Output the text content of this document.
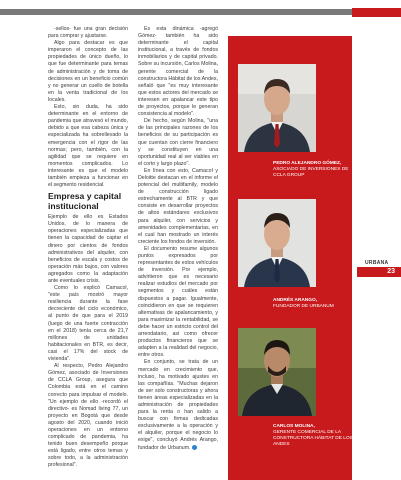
-sellos- fue una gran decisión para comprar y ajustarse.

Algo para destacar es que imperaron el concepto de las propiedades de único dueño, lo que fue determinante para temas de administración y de toma de decisiones en un beneficio común y no generar un cuello de botella en la venta tradicional de los locales.

Esto, sin duda, ha sido determinante en el entorno de pandemia que atravesó el mundo, debido a que esa cabeza única y especializada ha sobrellevado la emergencia con el rigor de las normas; pero, también, con la agilidad que se requiere en momentos complicados. Lo interesante es que el modelo también empieza a funcionar en el segmento residencial.

Empresa y capital institucional

Ejemplo de ello es Estados Unidos, de lo manera de operaciones especializadas que tienen la capacidad de captar el dinero por cientos de fondos administrativos del alquiler, con beneficios de escala y costos de operación más bajos, con valores agregados como la adaptación ante eventuales crisis.

Como lo explicó Camacol, "este país mostró mayor resiliencia durante la fase decreciente del ciclo económico, al punto de que para el 2019 (luego de una fuerte contracción en el 2018) tenía cerca de 21,7 millones de unidades habitacionales en BTR, es decir, casi el 17% del stock de vivienda".

Al respecto, Pedro Alejandro Gómez, asociado de Inversiones de CCLA Group, asegura que Colombia está en el camino correcto para impulsar el modelo. "Un ejemplo de ello -recordó el directivo- es Nomad living 77, un proyecto en Bogotá que desde agosto del 2020, cuando inició operaciones en un entorno complicado de pandemia, ha tenido buen desempeño porque está ligado, entre otros temas y sobre todo, a la administración profesional".

Es esta dinámica -agregó Gómez- también ha sido determinante el capital institucional, a través de fondos inmobiliarios y de capital privado. Sobre su incursión, Carlos Molina, gerente comercial de la constructora Hábitat de los Andes, señaló que "es muy interesante que estos actores del mercado se interesen en apalancar este tipo de proyectos, porque le generan consistencia al modelo".

De hecho, según Molina, "una de las principales razones de los beneficios de su participación es que cuentan con cierre financiero y se constituyen en una oportunidad real al ser viables en el corto y largo plazo".

En línea con esto, Camacol y Deloitte destacan en el informe el potencial del multifamily, modelo de construcción ligado estrechamente al BTR y que consiste en desarrollar proyectos de altos estándares exclusivos para alquiler, con servicios y amenidades complementarias, en el cual han mostrado un interés creciente los fondos de inversión.

El documento resume algunos puntos expresados por representantes de estos vehículos de inversión. Por ejemplo, advirtieron que es necesario realizar estudios del mercado por segmentos y cuáles están dispuestos a pagar. Igualmente, coincidieron en que se requieren alternativas de apalancamiento, y para maximizar la rentabilidad, se debe hacer un estricto control del arrendatario, así como ofrecer productos financieros que se adapten a la realidad del negocio, entre otros.

En conjunto, se trata de un mercado en crecimiento que, incluso, ha motivado ajustes en las compañías. "Muchas dejaron de ser solo constructoras y ahora tienen áreas especializadas en la administración de propiedades para la renta o han salido a buscar con firmas dedicadas exclusivamente a la operación y el alquiler, porque el negocio lo exige", concluyó Andrés Arango, fundador de Urbanum.

PEDRO ALEJANDRO GÓMEZ,
ASOCIADO DE INVERSIONES DE
CCLA GROUP
ANDRÉS ARANGO,
FUNDADOR DE URBANUM
CARLOS MOLINA,
GERENTE COMERCIAL DE LA
CONSTRUCTORA HÁBITAT DE LOS
ANDES
URBANA
23
